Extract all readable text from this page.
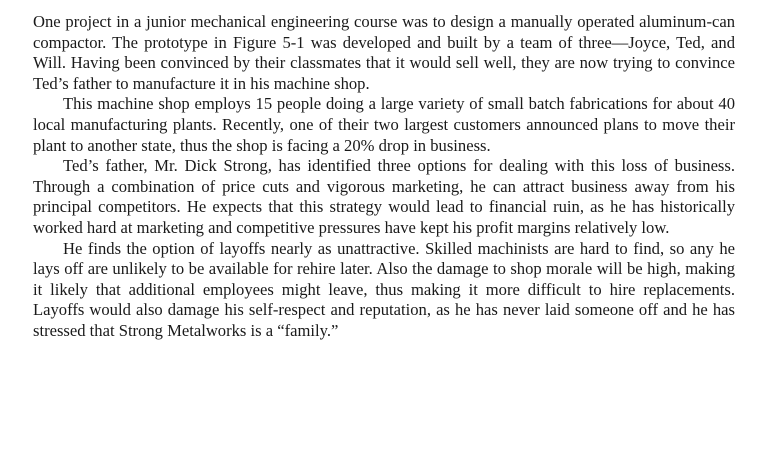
One project in a junior mechanical engineering course was to design a manually operated aluminum-can compactor. The prototype in Figure 5-1 was developed and built by a team of three—Joyce, Ted, and Will. Having been convinced by their classmates that it would sell well, they are now trying to convince Ted’s father to manufacture it in his machine shop.

This machine shop employs 15 people doing a large variety of small batch fabrications for about 40 local manufacturing plants. Recently, one of their two largest customers announced plans to move their plant to another state, thus the shop is facing a 20% drop in business.

Ted’s father, Mr. Dick Strong, has identified three options for dealing with this loss of business. Through a combination of price cuts and vigorous marketing, he can attract business away from his principal competitors. He expects that this strategy would lead to financial ruin, as he has historically worked hard at marketing and competitive pressures have kept his profit margins relatively low.

He finds the option of layoffs nearly as unattractive. Skilled machinists are hard to find, so any he lays off are unlikely to be available for rehire later. Also the damage to shop morale will be high, making it likely that additional employees might leave, thus making it more difficult to hire replacements. Layoffs would also damage his self-respect and reputation, as he has never laid someone off and he has stressed that Strong Metalworks is a “family.”
